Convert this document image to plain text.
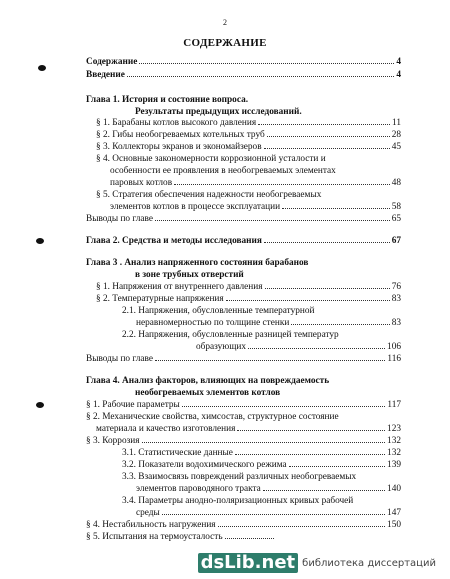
2
СОДЕРЖАНИЕ
Содержание	4
Введение	4
Глава 1. История и состояние вопроса.
Результаты предыдущих исследований.
§ 1. Барабаны котлов высокого давления	11
§ 2. Гибы необогреваемых котельных труб	28
§ 3. Коллекторы экранов и экономайзеров	45
§ 4. Основные закономерности коррозионной усталости и
особенности ее проявления в необогреваемых элементах
паровых котлов	48
§ 5. Стратегия обеспечения надежности необогреваемых
элементов котлов в процессе эксплуатации	58
Выводы по главе	65
Глава 2. Средства и методы исследования	67
Глава 3 . Анализ напряженного состояния барабанов
в зоне трубных отверстий
§ 1. Напряжения от внутреннего давления	76
§ 2. Температурные напряжения	83
2.1. Напряжения, обусловленные температурной
неравномерностью по толщине стенки	83
2.2. Напряжения, обусловленные разницей температур
образующих	106
Выводы по главе	116
Глава 4. Анализ факторов, влияющих на повреждаемость
необогреваемых элементов котлов
§ 1. Рабочие параметры	117
§ 2. Механические свойства, химсостав, структурное состояние
материала и качество изготовления	123
§ 3. Коррозия	132
3.1. Статистические данные	132
3.2. Показатели водохимического режима	139
3.3. Взаимосвязь повреждений различных необогреваемых
элементов пароводяного тракта	140
3.4. Параметры анодно-поляризационных кривых рабочей
среды	147
§ 4. Нестабильность нагружения	150
§ 5. Испытания на термоусталость
dsLib.net библиотека диссертаций
